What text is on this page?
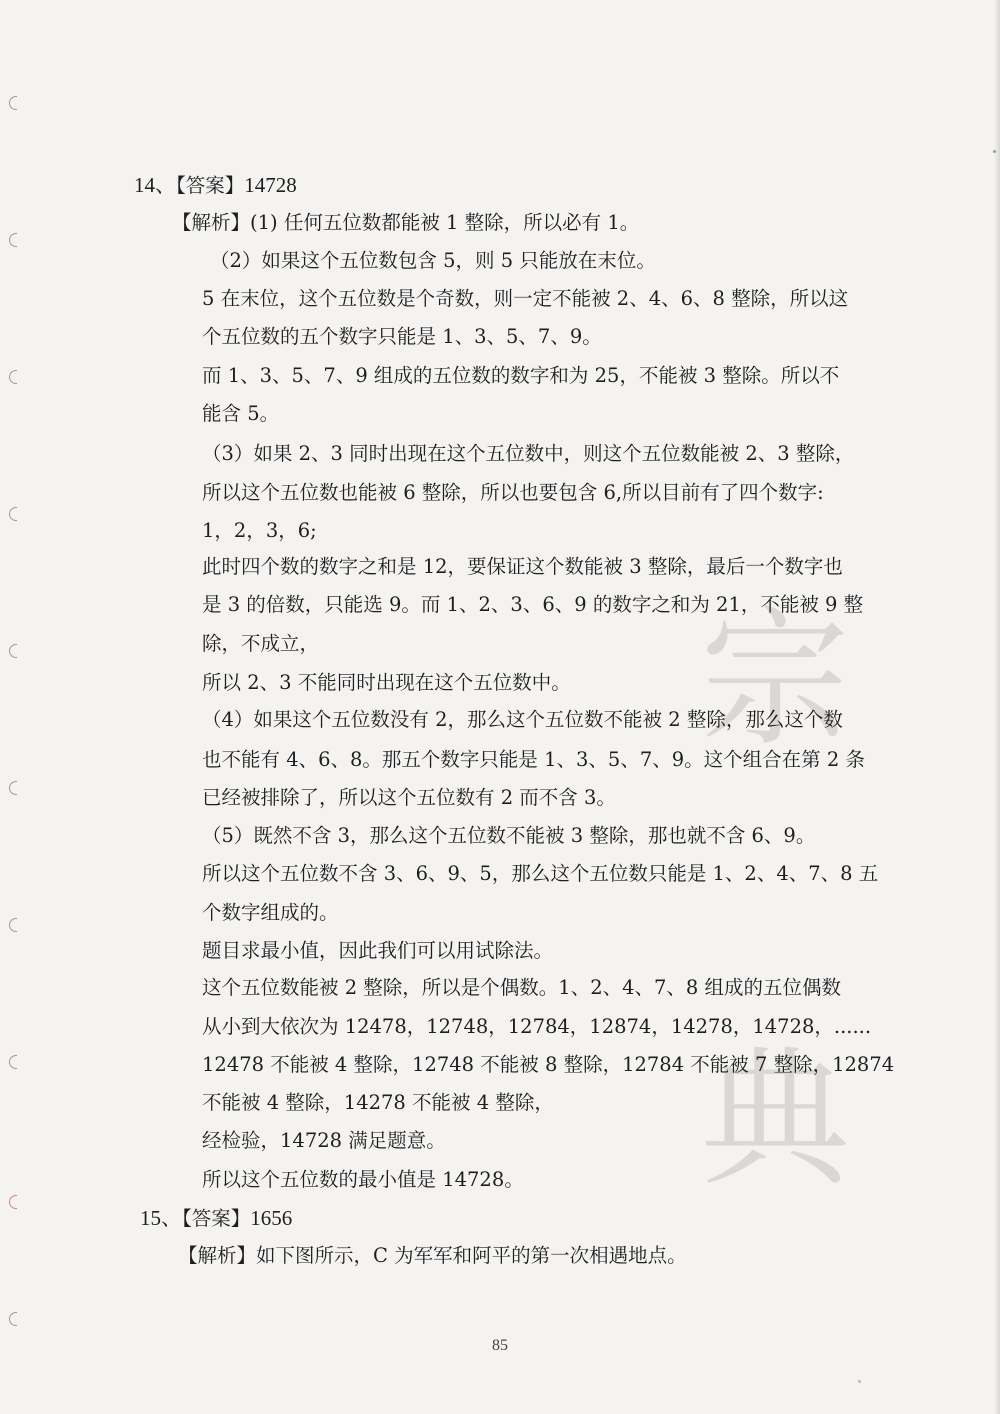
宗
典
14、【答案】14728
【解析】(1) 任何五位数都能被 1 整除，所以必有 1。
（2）如果这个五位数包含 5，则 5 只能放在末位。
5 在末位，这个五位数是个奇数，则一定不能被 2、4、6、8 整除，所以这
个五位数的五个数字只能是 1、3、5、7、9。
而 1、3、5、7、9 组成的五位数的数字和为 25，不能被 3 整除。所以不
能含 5。
（3）如果 2、3 同时出现在这个五位数中，则这个五位数能被 2、3 整除，
所以这个五位数也能被 6 整除，所以也要包含 6,所以目前有了四个数字:
1，2，3，6;
此时四个数的数字之和是 12，要保证这个数能被 3 整除，最后一个数字也
是 3 的倍数，只能选 9。而 1、2、3、6、9 的数字之和为 21，不能被 9 整
除，不成立，
所以 2、3 不能同时出现在这个五位数中。
（4）如果这个五位数没有 2，那么这个五位数不能被 2 整除，那么这个数
也不能有 4、6、8。那五个数字只能是 1、3、5、7、9。这个组合在第 2 条
已经被排除了，所以这个五位数有 2 而不含 3。
（5）既然不含 3，那么这个五位数不能被 3 整除，那也就不含 6、9。
所以这个五位数不含 3、6、9、5，那么这个五位数只能是 1、2、4、7、8 五
个数字组成的。
题目求最小值，因此我们可以用试除法。
这个五位数能被 2 整除，所以是个偶数。1、2、4、7、8 组成的五位偶数
从小到大依次为 12478，12748，12784，12874，14278，14728，......
12478 不能被 4 整除，12748 不能被 8 整除，12784 不能被 7 整除，12874
不能被 4 整除，14278 不能被 4 整除，
经检验，14728 满足题意。
所以这个五位数的最小值是 14728。
15、【答案】1656
【解析】如下图所示，C 为军军和阿平的第一次相遇地点。
85
